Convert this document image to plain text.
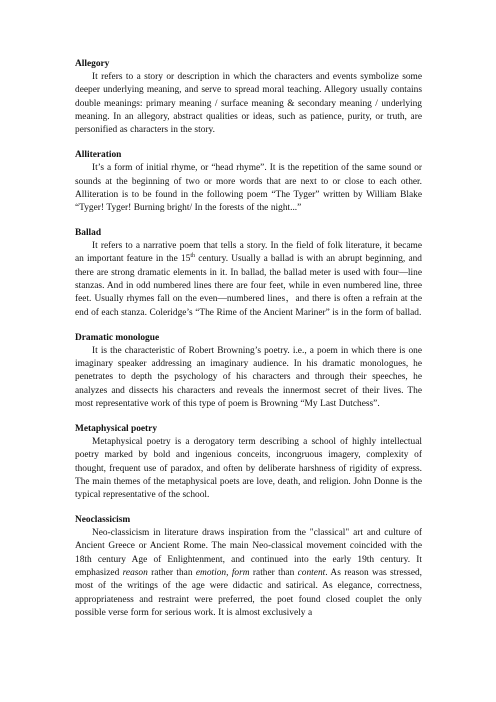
Allegory

It refers to a story or description in which the characters and events symbolize some deeper underlying meaning, and serve to spread moral teaching. Allegory usually contains double meanings: primary meaning / surface meaning & secondary meaning / underlying meaning. In an allegory, abstract qualities or ideas, such as patience, purity, or truth, are personified as characters in the story.

Alliteration

It’s a form of initial rhyme, or “head rhyme”. It is the repetition of the same sound or sounds at the beginning of two or more words that are next to or close to each other. Alliteration is to be found in the following poem “The Tyger” written by William Blake “Tyger! Tyger! Burning bright/ In the forests of the night...”

Ballad

It refers to a narrative poem that tells a story. In the field of folk literature, it became an important feature in the 15th century. Usually a ballad is with an abrupt beginning, and there are strong dramatic elements in it. In ballad, the ballad meter is used with four—line stanzas. And in odd numbered lines there are four feet, while in even numbered line, three feet. Usually rhymes fall on the even—numbered lines，and there is often a refrain at the end of each stanza. Coleridge’s “The Rime of the Ancient Mariner” is in the form of ballad.

Dramatic monologue

It is the characteristic of Robert Browning’s poetry. i.e., a poem in which there is one imaginary speaker addressing an imaginary audience. In his dramatic monologues, he penetrates to depth the psychology of his characters and through their speeches, he analyzes and dissects his characters and reveals the innermost secret of their lives. The most representative work of this type of poem is Browning “My Last Dutchess”.

Metaphysical poetry

Metaphysical poetry is a derogatory term describing a school of highly intellectual poetry marked by bold and ingenious conceits, incongruous imagery, complexity of thought, frequent use of paradox, and often by deliberate harshness of rigidity of express. The main themes of the metaphysical poets are love, death, and religion. John Donne is the typical representative of the school.

Neoclassicism

Neo-classicism in literature draws inspiration from the "classical" art and culture of Ancient Greece or Ancient Rome. The main Neo-classical movement coincided with the 18th century Age of Enlightenment, and continued into the early 19th century. It emphasized reason rather than emotion, form rather than content. As reason was stressed, most of the writings of the age were didactic and satirical. As elegance, correctness, appropriateness and restraint were preferred, the poet found closed couplet the only possible verse form for serious work. It is almost exclusively a
